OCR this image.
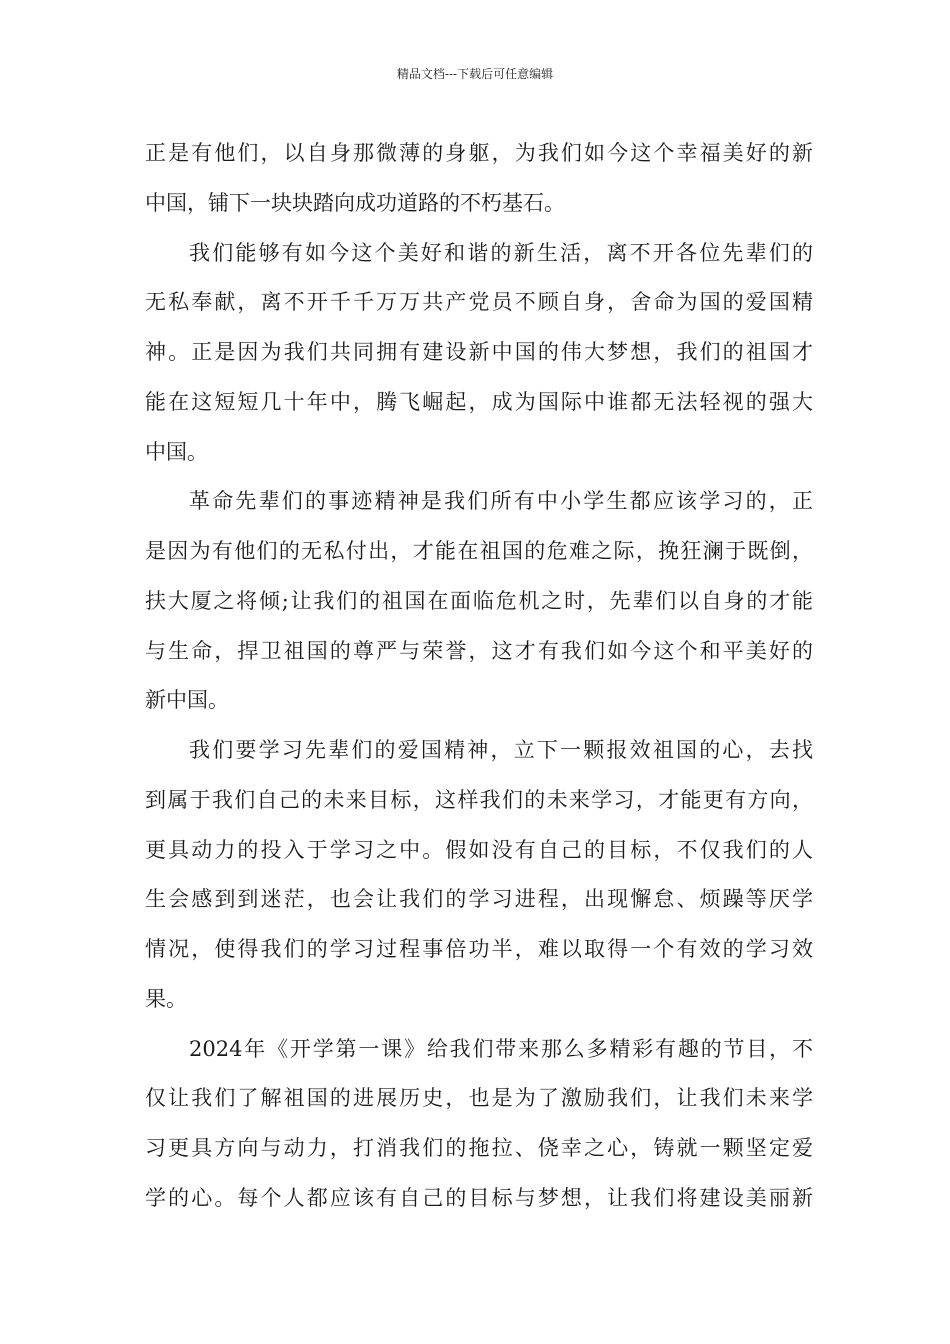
精品文档---下载后可任意编辑
正是有他们，以自身那微薄的身躯，为我们如今这个幸福美好的新
中国，铺下一块块踏向成功道路的不朽基石。
我们能够有如今这个美好和谐的新生活，离不开各位先辈们的
无私奉献，离不开千千万万共产党员不顾自身，舍命为国的爱国精
神。正是因为我们共同拥有建设新中国的伟大梦想，我们的祖国才
能在这短短几十年中，腾飞崛起，成为国际中谁都无法轻视的强大
中国。
革命先辈们的事迹精神是我们所有中小学生都应该学习的，正
是因为有他们的无私付出，才能在祖国的危难之际，挽狂澜于既倒，
扶大厦之将倾;让我们的祖国在面临危机之时，先辈们以自身的才能
与生命，捍卫祖国的尊严与荣誉，这才有我们如今这个和平美好的
新中国。
我们要学习先辈们的爱国精神，立下一颗报效祖国的心，去找
到属于我们自己的未来目标，这样我们的未来学习，才能更有方向，
更具动力的投入于学习之中。假如没有自己的目标，不仅我们的人
生会感到到迷茫，也会让我们的学习进程，出现懈怠、烦躁等厌学
情况，使得我们的学习过程事倍功半，难以取得一个有效的学习效
果。
2024年《开学第一课》给我们带来那么多精彩有趣的节目，不
仅让我们了解祖国的进展历史，也是为了激励我们，让我们未来学
习更具方向与动力，打消我们的拖拉、侥幸之心，铸就一颗坚定爱
学的心。每个人都应该有自己的目标与梦想，让我们将建设美丽新
